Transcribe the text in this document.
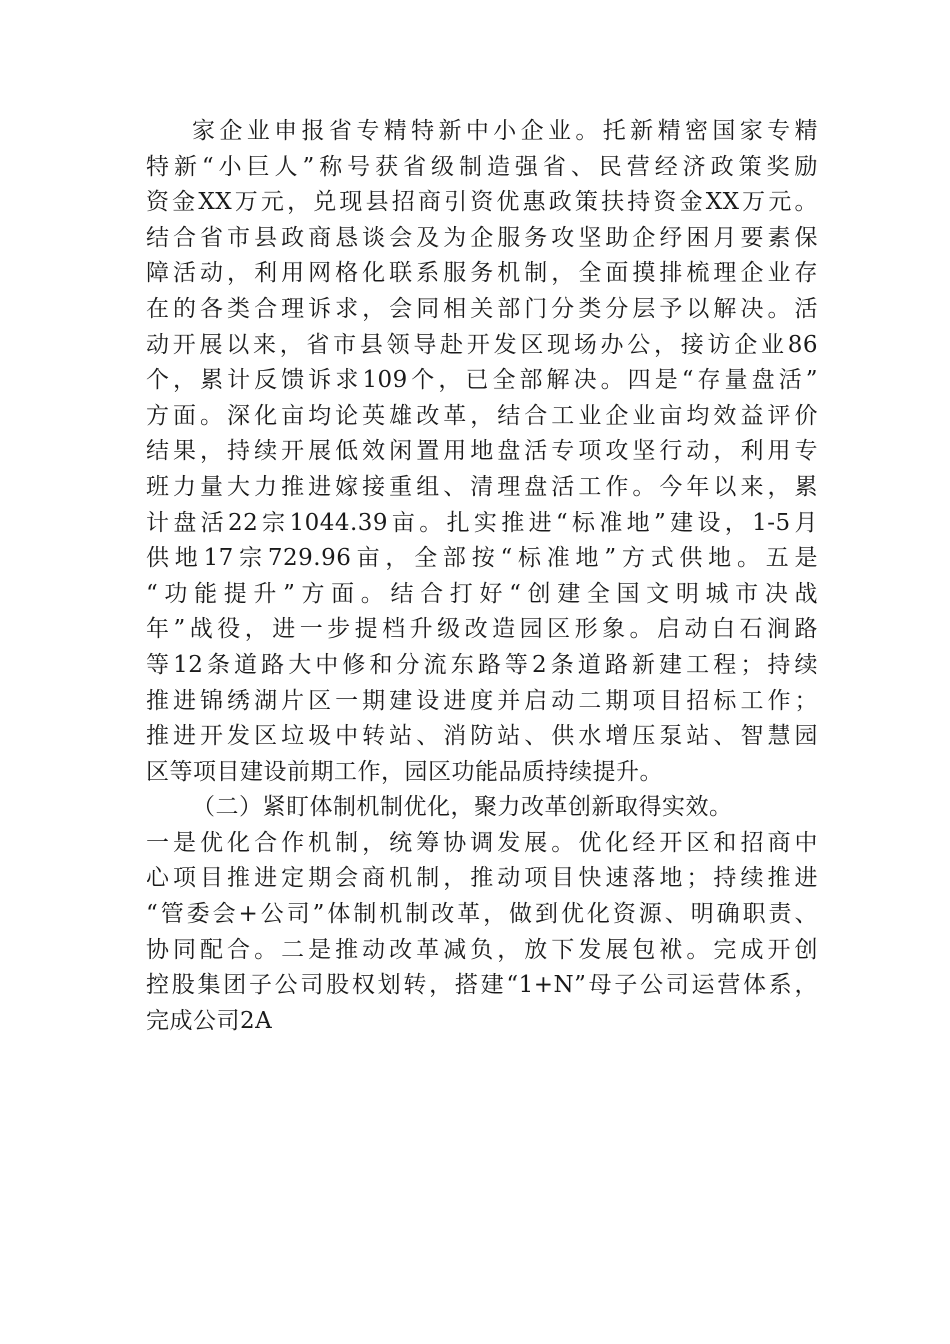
家企业申报省专精特新中小企业。托新精密国家专精
特新“小巨人”称号获省级制造强省、民营经济政策奖励
资金XX万元，兑现县招商引资优惠政策扶持资金XX万元。
结合省市县政商恳谈会及为企服务攻坚助企纾困月要素保
障活动，利用网格化联系服务机制，全面摸排梳理企业存
在的各类合理诉求，会同相关部门分类分层予以解决。活
动开展以来，省市县领导赴开发区现场办公，接访企业86
个，累计反馈诉求109个，已全部解决。四是“存量盘活”
方面。深化亩均论英雄改革，结合工业企业亩均效益评价
结果，持续开展低效闲置用地盘活专项攻坚行动，利用专
班力量大力推进嫁接重组、清理盘活工作。今年以来，累
计盘活22宗1044.39亩。扎实推进“标准地”建设，1-5月
供地17宗729.96亩，全部按“标准地”方式供地。五是
“功能提升”方面。结合打好“创建全国文明城市决战
年”战役，进一步提档升级改造园区形象。启动白石涧路
等12条道路大中修和分流东路等2条道路新建工程；持续
推进锦绣湖片区一期建设进度并启动二期项目招标工作；
推进开发区垃圾中转站、消防站、供水增压泵站、智慧园
区等项目建设前期工作，园区功能品质持续提升。
（二）紧盯体制机制优化，聚力改革创新取得实效。
一是优化合作机制，统筹协调发展。优化经开区和招商中
心项目推进定期会商机制，推动项目快速落地；持续推进
“管委会+公司”体制机制改革，做到优化资源、明确职责、
协同配合。二是推动改革减负，放下发展包袱。完成开创
控股集团子公司股权划转，搭建“1+N”母子公司运营体系，
完成公司2A
